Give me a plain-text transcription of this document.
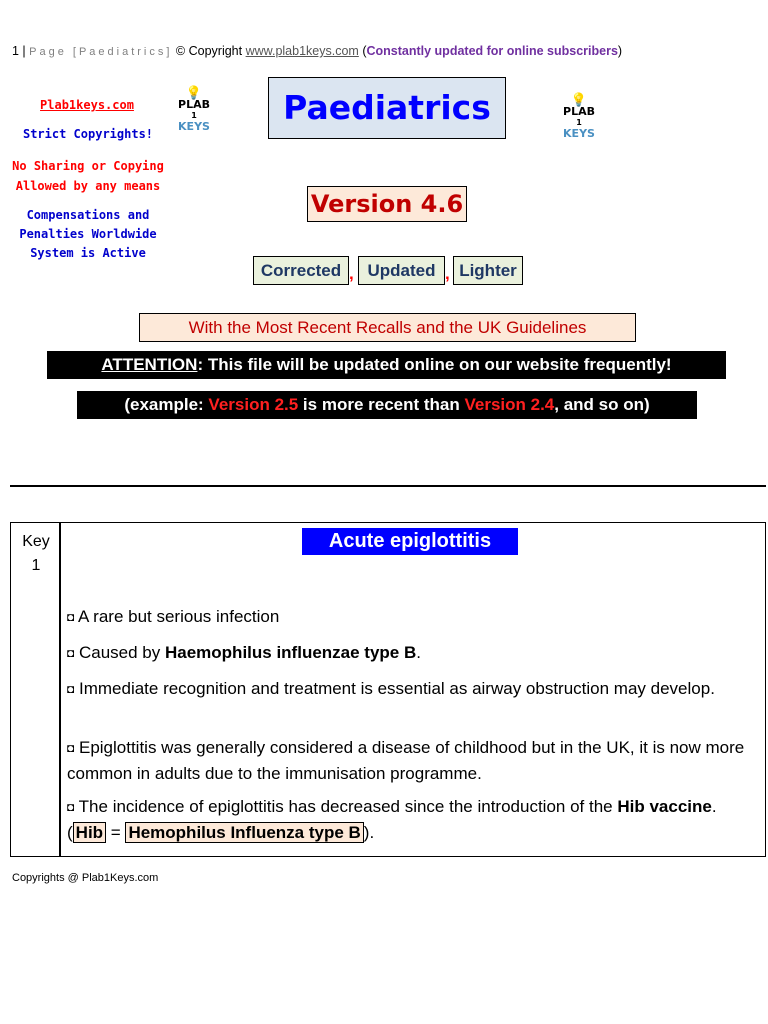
1 | Page [Paediatrics] © Copyright www.plab1keys.com (Constantly updated for online subscribers)
Plab1keys.com
Strict Copyrights!
No Sharing or Copying Allowed by any means
Compensations and Penalties Worldwide System is Active
💡
PLAB
1
KEYS
💡
PLAB
1
KEYS
Paediatrics
Version 4.6
Corrected , Updated , Lighter
With the Most Recent Recalls and the UK Guidelines
ATTENTION: This file will be updated online on our website frequently!
(example: Version 2.5 is more recent than Version 2.4, and so on)
Key
1
Acute epiglottitis
◘ A rare but serious infection
◘ Caused by Haemophilus influenzae type B.
◘ Immediate recognition and treatment is essential as airway obstruction may develop.
◘ Epiglottitis was generally considered a disease of childhood but in the UK, it is now more common in adults due to the immunisation programme.
◘ The incidence of epiglottitis has decreased since the introduction of the Hib vaccine. ( Hib = Hemophilus Influenza type B ).
Copyrights @ Plab1Keys.com
